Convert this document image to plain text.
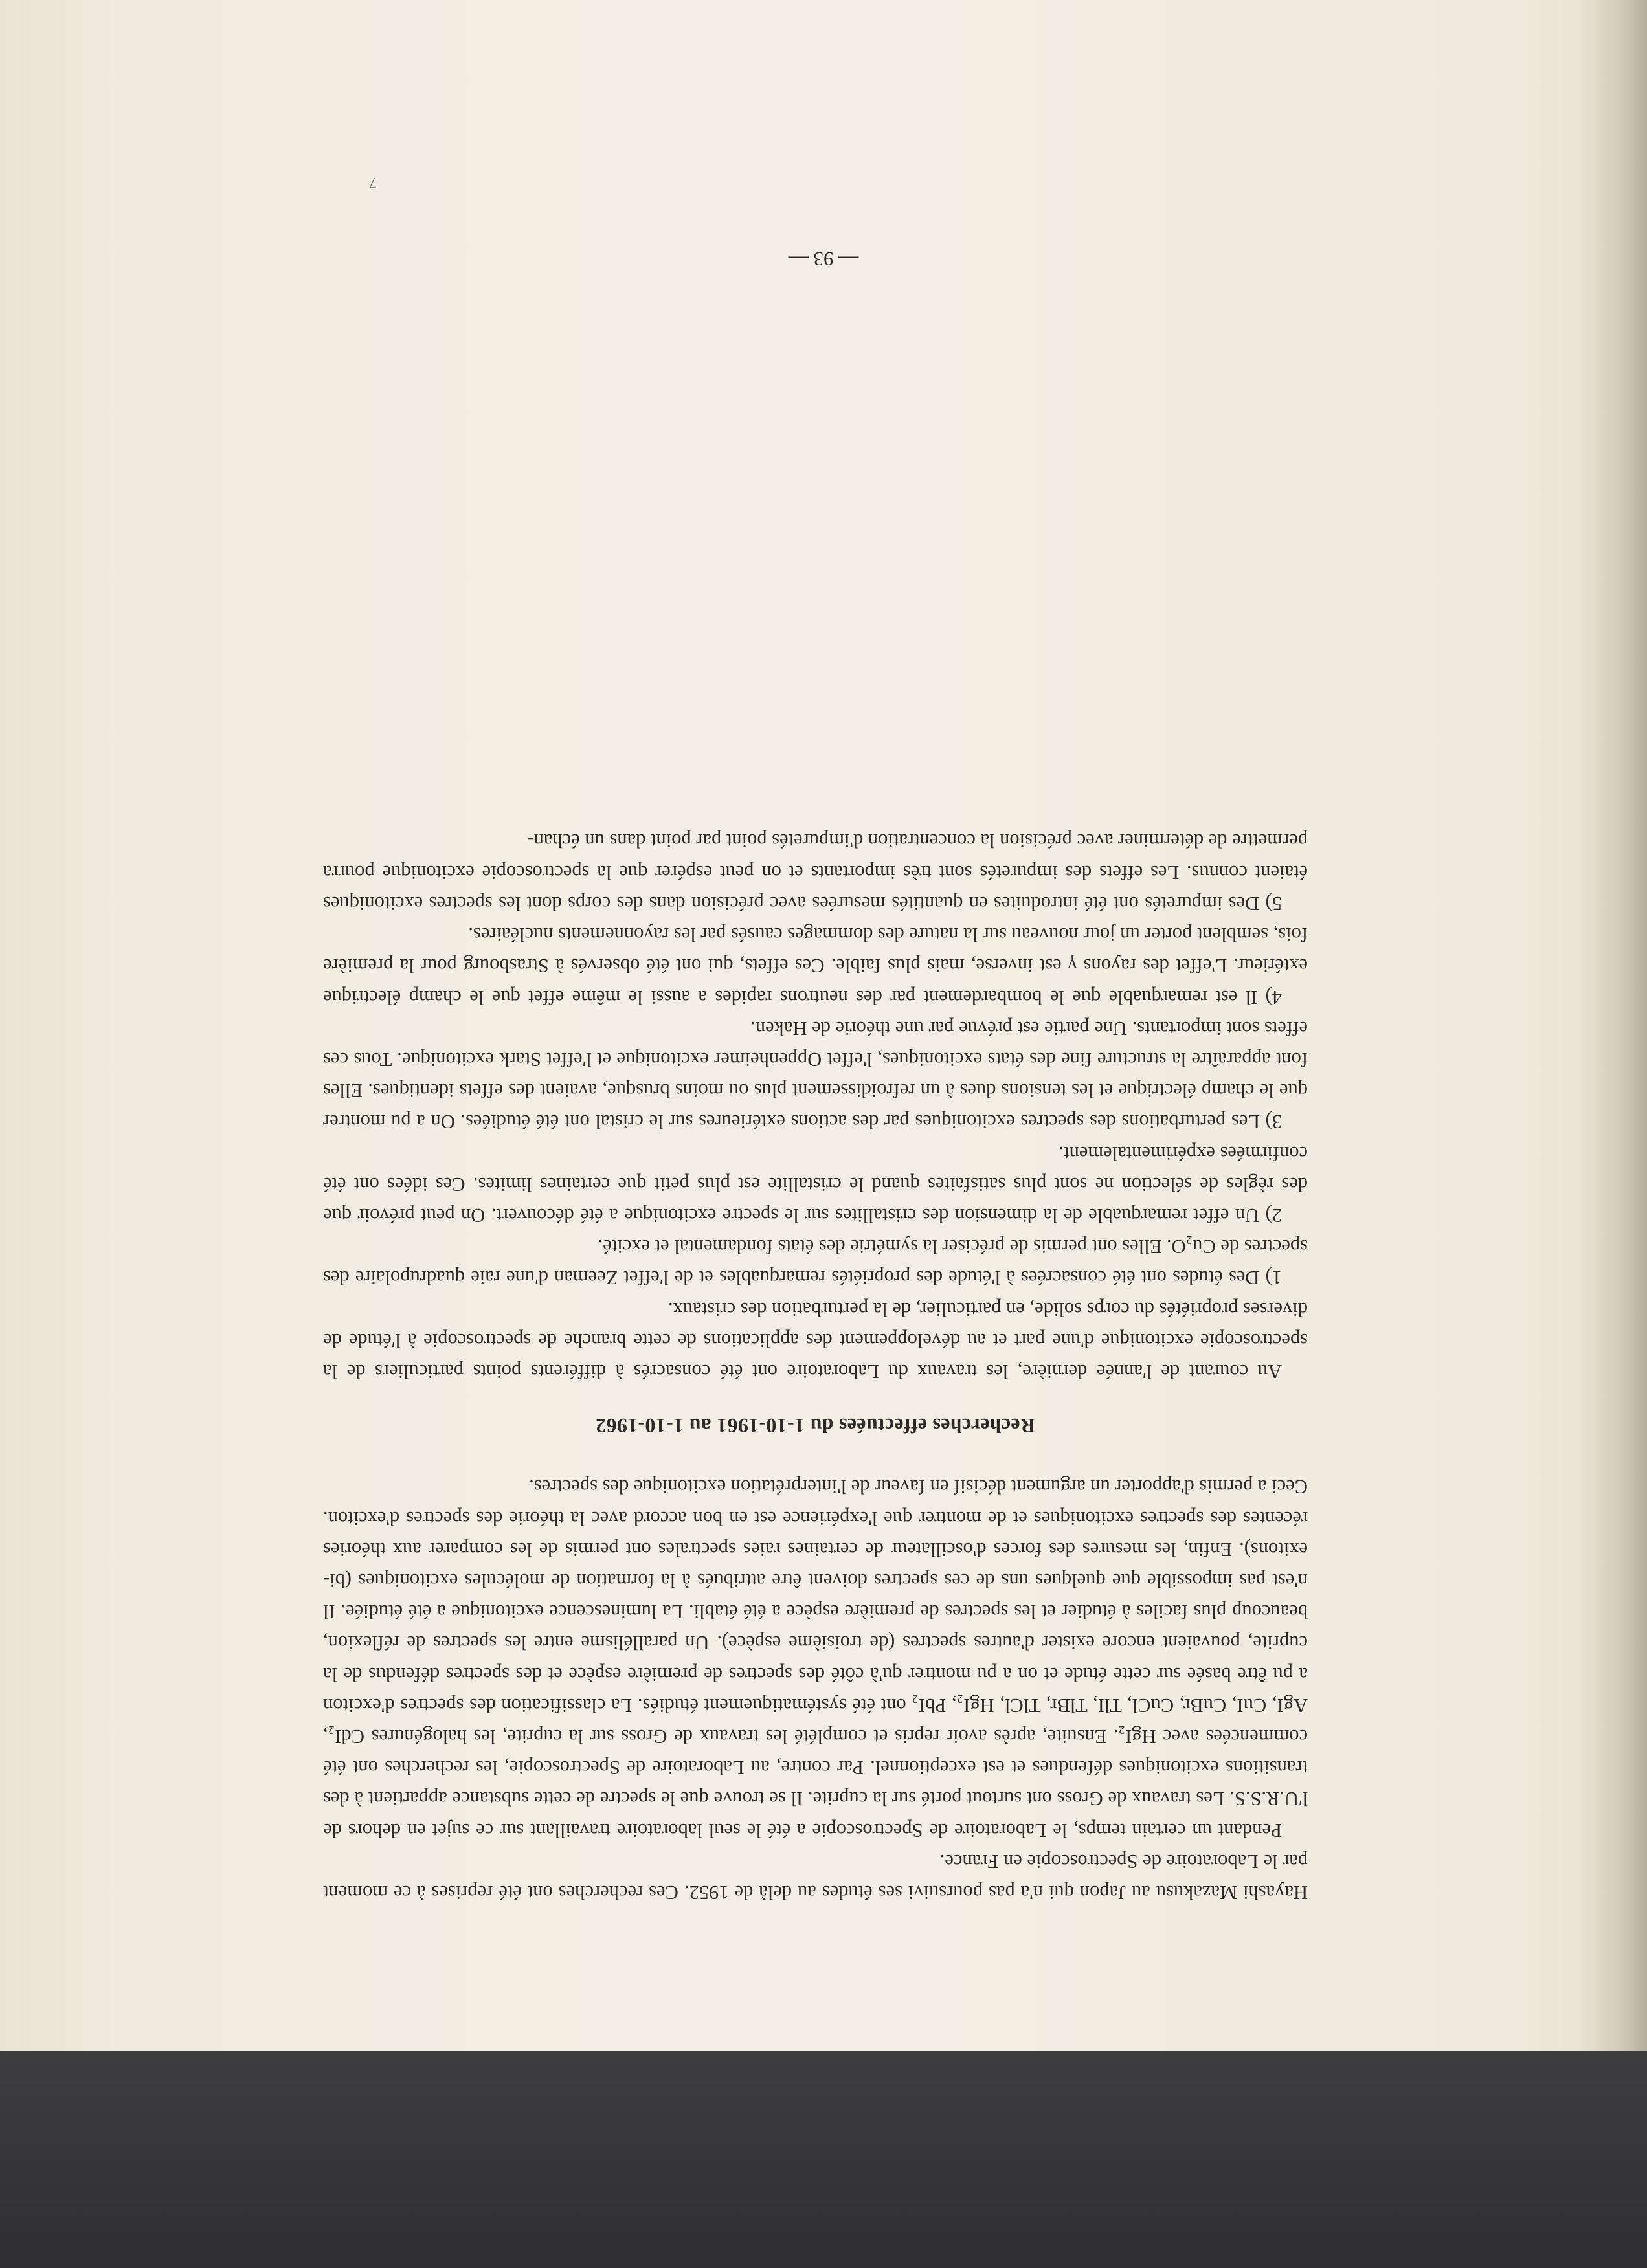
Hayashi Mazakusu au Japon qui n'a pas poursuivi ses études au delà de 1952. Ces recherches ont été reprises à ce moment par le Laboratoire de Spectroscopie en France.

Pendant un certain temps, le Laboratoire de Spectroscopie a été le seul laboratoire travaillant sur ce sujet en dehors de l'U.R.S.S. Les travaux de Gross ont surtout porté sur la cuprite. Il se trouve que le spectre de cette substance appartient à des transitions excitoniques défendues et est exceptionnel. Par contre, au Laboratoire de Spectroscopie, les recherches ont été commencées avec HgI₂. Ensuite, après avoir repris et complété les travaux de Gross sur la cuprite, les halogénures CdI₂, AgI, CuI, CuBr, CuCl, TlI, TlBr, TlCl, HgI₂, PbI₂ ont été systématiquement étudiés. La classification des spectres d'exciton a pu être basée sur cette étude et on a pu montrer qu'à côté des spectres de première espèce et des spectres défendus de la cuprite, pouvaient encore exister d'autres spectres (de troisième espèce). Un parallélisme entre les spectres de réflexion, beaucoup plus faciles à étudier et les spectres de première espèce a été établi. La luminescence excitonique a été étudiée. Il n'est pas impossible que quelques uns de ces spectres doivent être attribués à la formation de molécules excitoniques (bi-exitons). Enfin, les mesures des forces d'oscillateur de certaines raies spectrales ont permis de les comparer aux théories récentes des spectres excitoniques et de montrer que l'expérience est en bon accord avec la théorie des spectres d'exciton. Ceci a permis d'apporter un argument décisif en faveur de l'interprétation excitonique des spectres.

Recherches effectuées du 1-10-1961 au 1-10-1962

Au courant de l'année dernière, les travaux du Laboratoire ont été consacrés à différents points particuliers de la spectroscopie excitonique d'une part et au développement des applications de cette branche de spectroscopie à l'étude de diverses propriétés du corps solide, en particulier, de la perturbation des cristaux.

1) Des études ont été consacrées à l'étude des propriétés remarquables et de l'effet Zeeman d'une raie quadrupolaire des spectres de Cu₂O. Elles ont permis de préciser la symétrie des états fondamental et excité.

2) Un effet remarquable de la dimension des cristallites sur le spectre excitonique a été découvert. On peut prévoir que des règles de sélection ne sont plus satisfaites quand le cristallite est plus petit que certaines limites. Ces idées ont été confirmées expérimentalement.

3) Les perturbations des spectres excitoniques par des actions extérieures sur le cristal ont été étudiées. On a pu montrer que le champ électrique et les tensions dues à un refroidissement plus ou moins brusque, avaient des effets identiques. Elles font apparaître la structure fine des états excitoniques, l'effet Oppenheimer excitonique et l'effet Stark excitonique. Tous ces effets sont importants. Une partie est prévue par une théorie de Haken.

4) Il est remarquable que le bombardement par des neutrons rapides a aussi le même effet que le champ électrique extérieur. L'effet des rayons γ est inverse, mais plus faible. Ces effets, qui ont été observés à Strasbourg pour la première fois, semblent porter un jour nouveau sur la nature des dommages causés par les rayonnements nucléaires.

5) Des impuretés ont été introduites en quantités mesurées avec précision dans des corps dont les spectres excitoniques étaient connus. Les effets des impuretés sont très importants et on peut espérer que la spectroscopie excitonique pourra permettre de déterminer avec précision la concentration d'impuretés point par point dans un échan-

— 93 —
7
